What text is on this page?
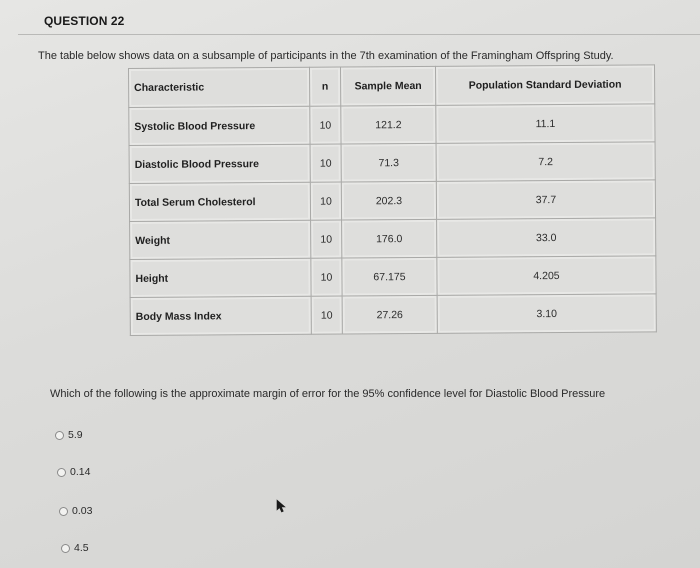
QUESTION 22
The table below shows data on a subsample of participants in the 7th examination of the Framingham Offspring Study.
Characteristic	n	Sample Mean	Population Standard Deviation
Systolic Blood Pressure	10	121.2	11.1
Diastolic Blood Pressure	10	71.3	7.2
Total Serum Cholesterol	10	202.3	37.7
Weight	10	176.0	33.0
Height	10	67.175	4.205
Body Mass Index	10	27.26	3.10
Which of the following is the approximate margin of error for the 95% confidence level for Diastolic Blood Pressure
5.9
0.14
0.03
4.5
